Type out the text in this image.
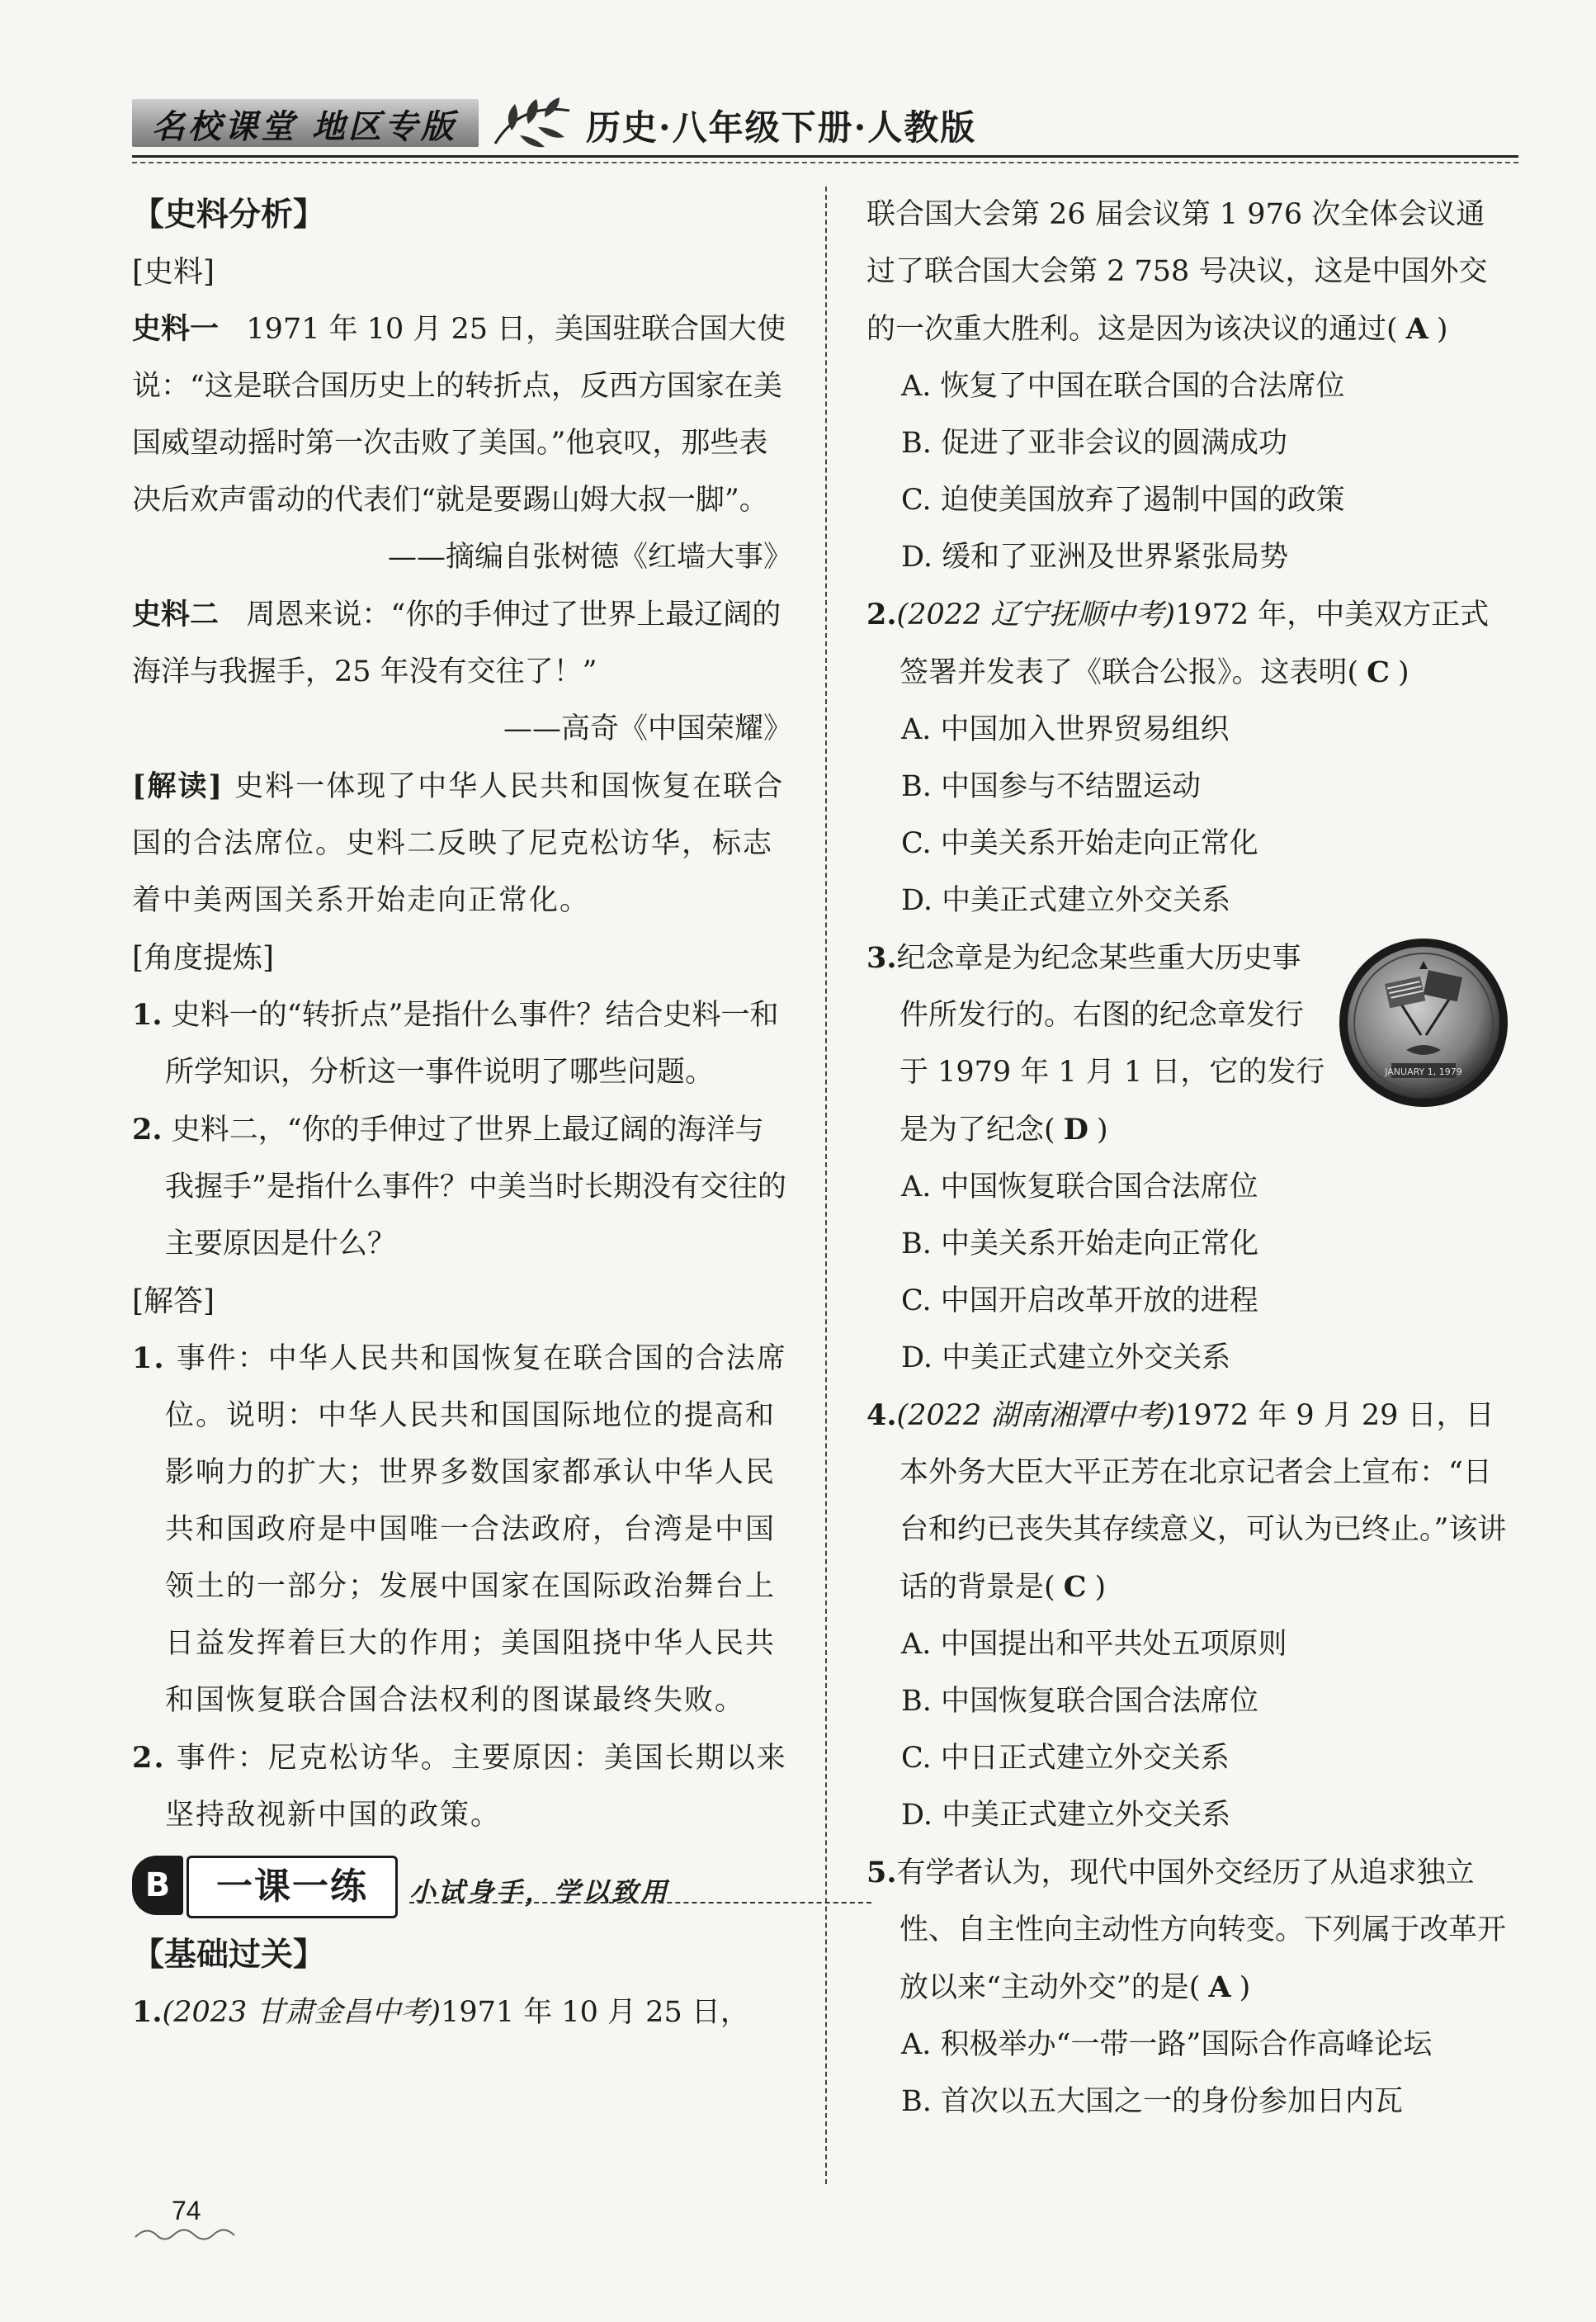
名校课堂 地区专版	历史·八年级下册·人教版
【史料分析】
[史料]
史料一 1971 年 10 月 25 日，美国驻联合国大使说：“这是联合国历史上的转折点，反西方国家在美国威望动摇时第一次击败了美国。”他哀叹，那些表决后欢声雷动的代表们“就是要踢山姆大叔一脚”。
——摘编自张树德《红墙大事》
史料二 周恩来说：“你的手伸过了世界上最辽阔的海洋与我握手，25 年没有交往了！”
——高奇《中国荣耀》
[解读] 史料一体现了中华人民共和国恢复在联合国的合法席位。史料二反映了尼克松访华，标志着中美两国关系开始走向正常化。
[角度提炼]
1. 史料一的“转折点”是指什么事件？结合史料一和所学知识，分析这一事件说明了哪些问题。
2. 史料二，“你的手伸过了世界上最辽阔的海洋与我握手”是指什么事件？中美当时长期没有交往的主要原因是什么？
[解答]
1. 事件：中华人民共和国恢复在联合国的合法席位。说明：中华人民共和国国际地位的提高和影响力的扩大；世界多数国家都承认中华人民共和国政府是中国唯一合法政府，台湾是中国领土的一部分；发展中国家在国际政治舞台上日益发挥着巨大的作用；美国阻挠中华人民共和国恢复联合国合法权利的图谋最终失败。
2. 事件：尼克松访华。主要原因：美国长期以来坚持敌视新中国的政策。
B	一课一练	小试身手，学以致用
【基础过关】
1.(2023 甘肃金昌中考)1971 年 10 月 25 日，
联合国大会第 26 届会议第 1 976 次全体会议通过了联合国大会第 2 758 号决议，这是中国外交的一次重大胜利。这是因为该决议的通过( A )
A. 恢复了中国在联合国的合法席位
B. 促进了亚非会议的圆满成功
C. 迫使美国放弃了遏制中国的政策
D. 缓和了亚洲及世界紧张局势
2.(2022 辽宁抚顺中考)1972 年，中美双方正式签署并发表了《联合公报》。这表明( C )
A. 中国加入世界贸易组织
B. 中国参与不结盟运动
C. 中美关系开始走向正常化
D. 中美正式建立外交关系
3.纪念章是为纪念某些重大历史事件所发行的。右图的纪念章发行于 1979 年 1 月 1 日，它的发行是为了纪念( D )
JANUARY 1, 1979
A. 中国恢复联合国合法席位
B. 中美关系开始走向正常化
C. 中国开启改革开放的进程
D. 中美正式建立外交关系
4.(2022 湖南湘潭中考)1972 年 9 月 29 日，日本外务大臣大平正芳在北京记者会上宣布：“日台和约已丧失其存续意义，可认为已终止。”该讲话的背景是( C )
A. 中国提出和平共处五项原则
B. 中国恢复联合国合法席位
C. 中日正式建立外交关系
D. 中美正式建立外交关系
5.有学者认为，现代中国外交经历了从追求独立性、自主性向主动性方向转变。下列属于改革开放以来“主动外交”的是( A )
A. 积极举办“一带一路”国际合作高峰论坛
B. 首次以五大国之一的身份参加日内瓦
74
